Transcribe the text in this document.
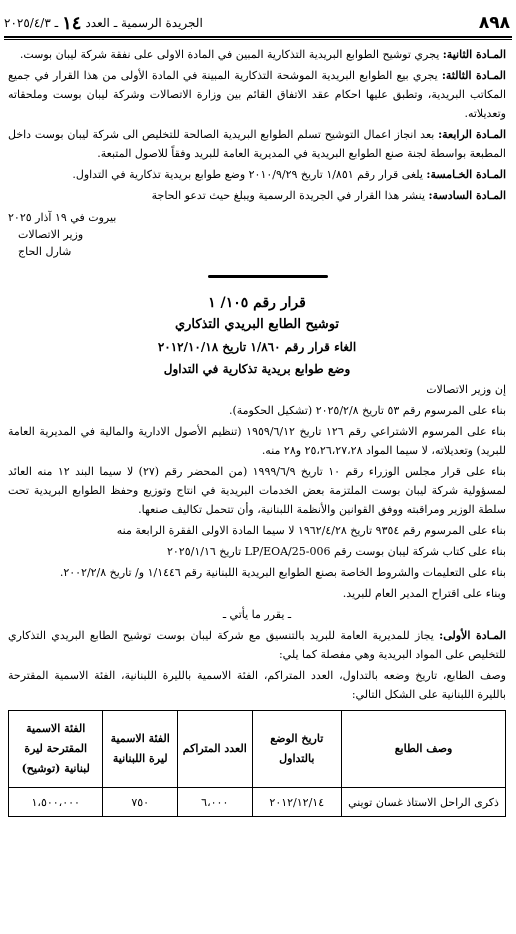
٨٩٨
الجريدة الرسمية ـ العدد
١٤
ـ ٢٠٢٥/٤/٣

المـادة الثانية: يجري توشيح الطوابع البريدية التذكارية المبين في المادة الاولى على نفقة شركة ليبان بوست.

المـادة الثالثة: يجري بيع الطوابع البريدية الموشحة التذكارية المبينة في المادة الأولى من هذا القرار في جميع المكاتب البريدية، وتطبق عليها احكام عقد الاتفاق القائم بين وزارة الاتصالات وشركة ليبان بوست وملحقاته وتعديلاته.

المـادة الرابعة: بعد انجاز اعمال التوشيح تسلم الطوابع البريدية الصالحة للتخليص الى شركة ليبان بوست داخل المطبعة بواسطة لجنة صنع الطوابع البريدية في المديرية العامة للبريد وفقاً للاصول المتبعة.

المـادة الخـامسة: يلغى قرار رقم ١/٨٥١ تاريخ ٢٠١٠/٩/٢٩ وضع طوابع بريدية تذكارية في التداول.

المـادة السادسة: ينشر هذا القرار في الجريدة الرسمية ويبلغ حيث تدعو الحاجة

بيروت في ١٩ آذار ٢٠٢٥
وزير الاتصالات
شارل الحاج
قرار رقم ١٠٥/ ١
توشيح الطابع البريدي التذكاري
الغاء قرار رقم ١/٨٦٠ تاريخ ٢٠١٢/١٠/١٨
وضع طوابع بريدية تذكارية في التداول

إن وزير الاتصالات

بناء على المرسوم رقم ٥٣ تاريخ ٢٠٢٥/٢/٨ (تشكيل الحكومة).

بناء على المرسوم الاشتراعي رقم ١٢٦ تاريخ ١٩٥٩/٦/١٢ (تنظيم الأصول الادارية والمالية في المديرية العامة للبريد) وتعديلاته، لا سيما المواد ٢٥،٢٦،٢٧،٢٨ و٢٨ منه.

بناء على قرار مجلس الوزراء رقم ١٠ تاريخ ١٩٩٩/٦/٩ (من المحضر رقم (٢٧) لا سيما البند ١٢ منه العائد لمسؤولية شركة ليبان بوست الملتزمة بعض الخدمات البريدية في انتاج وتوزيع وحفظ الطوابع البريدية تحت سلطة الوزير ومراقبته ووفق القوانين والأنظمة اللبنانية، وأن تتحمل تكاليف صنعها.

بناء على المرسوم رقم ٩٣٥٤ تاريخ ١٩٦٢/٤/٢٨ لا سيما المادة الاولى الفقرة الرابعة منه

بناء على كتاب شركة ليبان بوست رقم LP/EOA/25-006 تاريخ ٢٠٢٥/١/١٦

بناء على التعليمات والشروط الخاصة بصنع الطوابع البريدية اللبنانية رقم ١/١٤٤٦ و/ تاريخ ٢٠٠٢/٢/٨.

وبناء على اقتراح المدير العام للبريد.

ـ يقرر ما يأتي ـ

المـادة الأولى: يجاز للمديرية العامة للبريد بالتنسيق مع شركة ليبان بوست توشيح الطابع البريدي التذكاري للتخليص على المواد البريدية وهي مفصلة كما يلي:

وصف الطابع، تاريخ وضعه بالتداول، العدد المتراكم، الفئة الاسمية بالليرة اللبنانية، الفئة الاسمية المقترحة بالليرة اللبنانية على الشكل التالي:

وصف الطابع	تاريخ الوضع بالتداول	العدد المتراكم	الفئة الاسمية ليرة اللبنانية	الفئة الاسمية المقترحة ليرة لبنانية (توشيح)
ذكرى الراحل الاستاذ غسان تويني	٢٠١٢/١٢/١٤	٦،٠٠٠	٧٥٠	١،٥٠٠،٠٠٠
